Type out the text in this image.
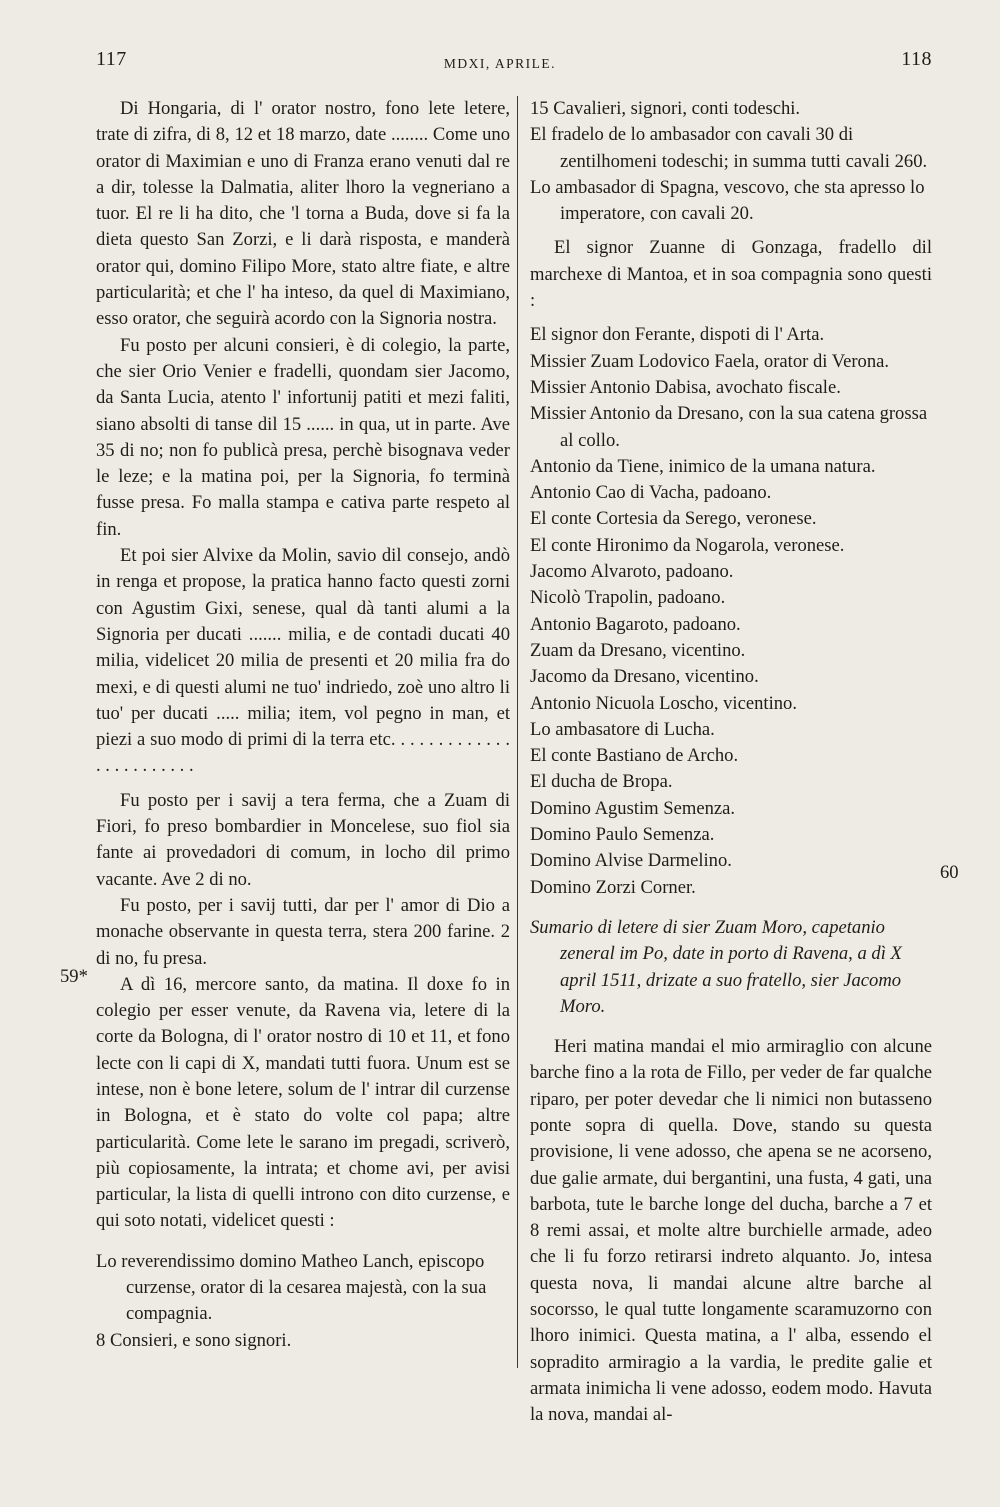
117	MDXI, APRILE.	118
59*
60

Di Hongaria, di l' orator nostro, fono lete letere, trate di zifra, di 8, 12 et 18 marzo, date ........ Come uno orator di Maximian e uno di Franza erano venuti dal re a dir, tolesse la Dalmatia, aliter lhoro la vegneriano a tuor. El re li ha dito, che 'l torna a Buda, dove si fa la dieta questo San Zorzi, e li darà risposta, e manderà orator qui, domino Filipo More, stato altre fiate, e altre particularità; et che l' ha inteso, da quel di Maximiano, esso orator, che seguirà acordo con la Signoria nostra.

Fu posto per alcuni consieri, è di colegio, la parte, che sier Orio Venier e fradelli, quondam sier Jacomo, da Santa Lucia, atento l' infortunij patiti et mezi faliti, siano absolti di tanse dil 15 ...... in qua, ut in parte. Ave 35 di no; non fo publicà presa, perchè bisognava veder le leze; e la matina poi, per la Signoria, fo terminà fusse presa. Fo malla stampa e cativa parte respeto al fin.

Et poi sier Alvixe da Molin, savio dil consejo, andò in renga et propose, la pratica hanno facto questi zorni con Agustim Gixi, senese, qual dà tanti alumi a la Signoria per ducati ....... milia, e de contadi ducati 40 milia, videlicet 20 milia de presenti et 20 milia fra do mexi, e di questi alumi ne tuo' indriedo, zoè uno altro li tuo' per ducati ..... milia; item, vol pegno in man, et piezi a suo modo di primi di la terra etc. . . . . . . . . . . . . . . . . . . . . . . .

Fu posto per i savij a tera ferma, che a Zuam di Fiori, fo preso bombardier in Moncelese, suo fiol sia fante ai provedadori di comum, in locho dil primo vacante. Ave 2 di no.

Fu posto, per i savij tutti, dar per l' amor di Dio a monache observante in questa terra, stera 200 farine. 2 di no, fu presa.

A dì 16, mercore santo, da matina. Il doxe fo in colegio per esser venute, da Ravena via, letere di la corte da Bologna, di l' orator nostro di 10 et 11, et fono lecte con li capi di X, mandati tutti fuora. Unum est se intese, non è bone letere, solum de l' intrar dil curzense in Bologna, et è stato do volte col papa; altre particularità. Come lete le sarano im pregadi, scriverò, più copiosamente, la intrata; et chome avi, per avisi particular, la lista di quelli introno con dito curzense, e qui soto notati, videlicet questi :

Lo reverendissimo domino Matheo Lanch, episcopo curzense, orator di la cesarea majestà, con la sua compagnia.

8 Consieri, e sono signori.

15 Cavalieri, signori, conti todeschi.

El fradelo de lo ambasador con cavali 30 di zentilhomeni todeschi; in summa tutti cavali 260.

Lo ambasador di Spagna, vescovo, che sta apresso lo imperatore, con cavali 20.

El signor Zuanne di Gonzaga, fradello dil marchexe di Mantoa, et in soa compagnia sono questi :

El signor don Ferante, dispoti di l' Arta.

Missier Zuam Lodovico Faela, orator di Verona.

Missier Antonio Dabisa, avochato fiscale.

Missier Antonio da Dresano, con la sua catena grossa al collo.

Antonio da Tiene, inimico de la umana natura.

Antonio Cao di Vacha, padoano.

El conte Cortesia da Serego, veronese.

El conte Hironimo da Nogarola, veronese.

Jacomo Alvaroto, padoano.

Nicolò Trapolin, padoano.

Antonio Bagaroto, padoano.

Zuam da Dresano, vicentino.

Jacomo da Dresano, vicentino.

Antonio Nicuola Loscho, vicentino.

Lo ambasatore di Lucha.

El conte Bastiano de Archo.

El ducha de Bropa.

Domino Agustim Semenza.

Domino Paulo Semenza.

Domino Alvise Darmelino.

Domino Zorzi Corner.

Sumario di letere di sier Zuam Moro, capetanio zeneral im Po, date in porto di Ravena, a dì X april 1511, drizate a suo fratello, sier Jacomo Moro.

Heri matina mandai el mio armiraglio con alcune barche fino a la rota de Fillo, per veder de far qualche riparo, per poter devedar che li nimici non butasseno ponte sopra di quella. Dove, stando su questa provisione, li vene adosso, che apena se ne acorseno, due galie armate, dui bergantini, una fusta, 4 gati, una barbota, tute le barche longe del ducha, barche a 7 et 8 remi assai, et molte altre burchielle armade, adeo che li fu forzo retirarsi indreto alquanto. Jo, intesa questa nova, li mandai alcune altre barche al socorsso, le qual tutte longamente scaramuzorno con lhoro inimici. Questa matina, a l' alba, essendo el sopradito armiragio a la vardia, le predite galie et armata inimicha li vene adosso, eodem modo. Havuta la nova, mandai al-
